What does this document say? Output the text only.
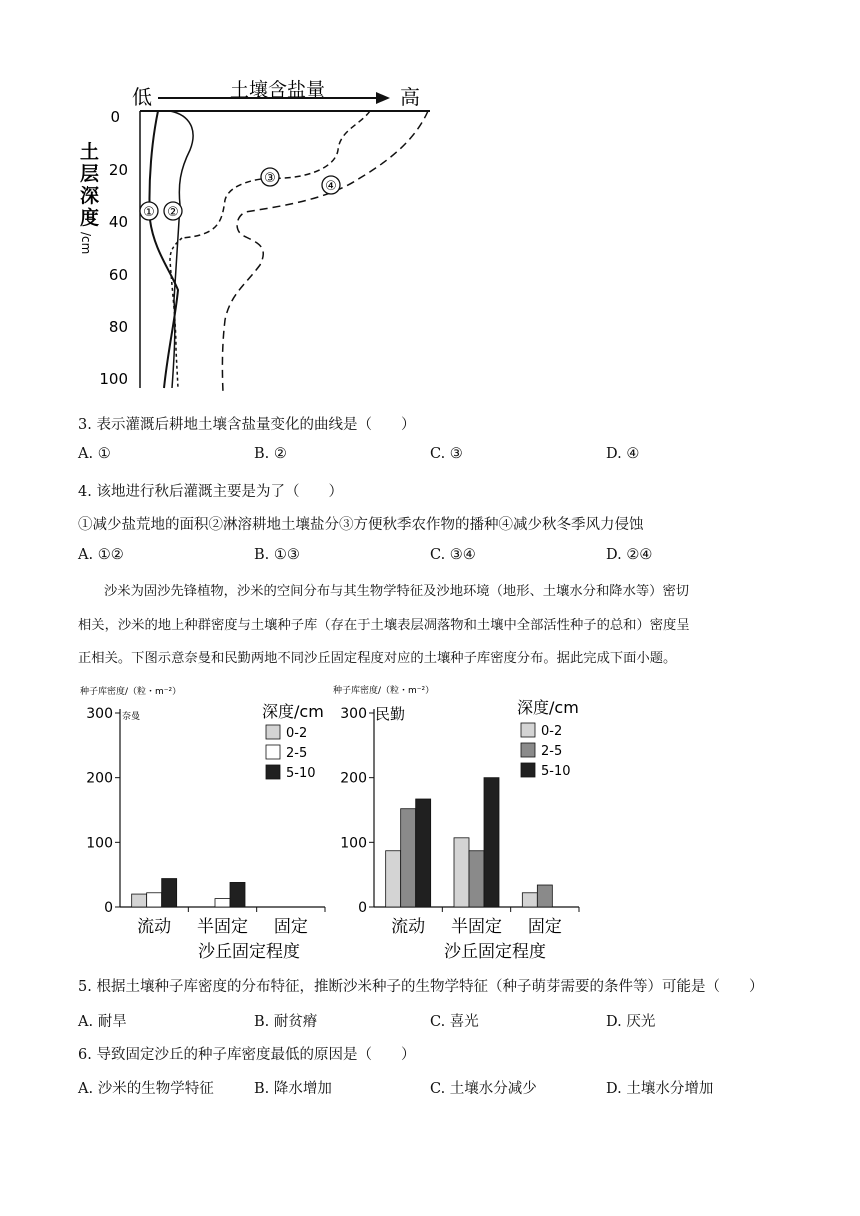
低	土壤含盐量	高
0
20
40
60
80
100
土
层
深
度
/cm
① ②
③
④
3. 表示灌溉后耕地土壤含盐量变化的曲线是（　　）
A. ①	B. ②	C. ③	D. ④
4. 该地进行秋后灌溉主要是为了（　　）
①减少盐荒地的面积②淋溶耕地土壤盐分③方便秋季农作物的播种④减少秋冬季风力侵蚀
A. ①②	B. ①③	C. ③④	D. ②④
沙米为固沙先锋植物，沙米的空间分布与其生物学特征及沙地环境（地形、土壤水分和降水等）密切
相关，沙米的地上种群密度与土壤种子库（存在于土壤表层凋落物和土壤中全部活性种子的总和）密度呈
正相关。下图示意奈曼和民勤两地不同沙丘固定程度对应的土壤种子库密度分布。据此完成下面小题。
种子库密度/（粒・m⁻²）
奈曼	深度/cm
沙丘固定程度
种子库密度/（粒・m⁻²）
民勤	深度/cm
沙丘固定程度
0
100
200
300
流动 半固定 固定
0-2
2-5
5-10
0
100
200
300
流动 半固定 固定
0-2
2-5
5-10
5. 根据土壤种子库密度的分布特征，推断沙米种子的生物学特征（种子萌芽需要的条件等）可能是（　　）
A. 耐旱	B. 耐贫瘠	C. 喜光	D. 厌光
6. 导致固定沙丘的种子库密度最低的原因是（　　）
A. 沙米的生物学特征	B. 降水增加	C. 土壤水分减少	D. 土壤水分增加
